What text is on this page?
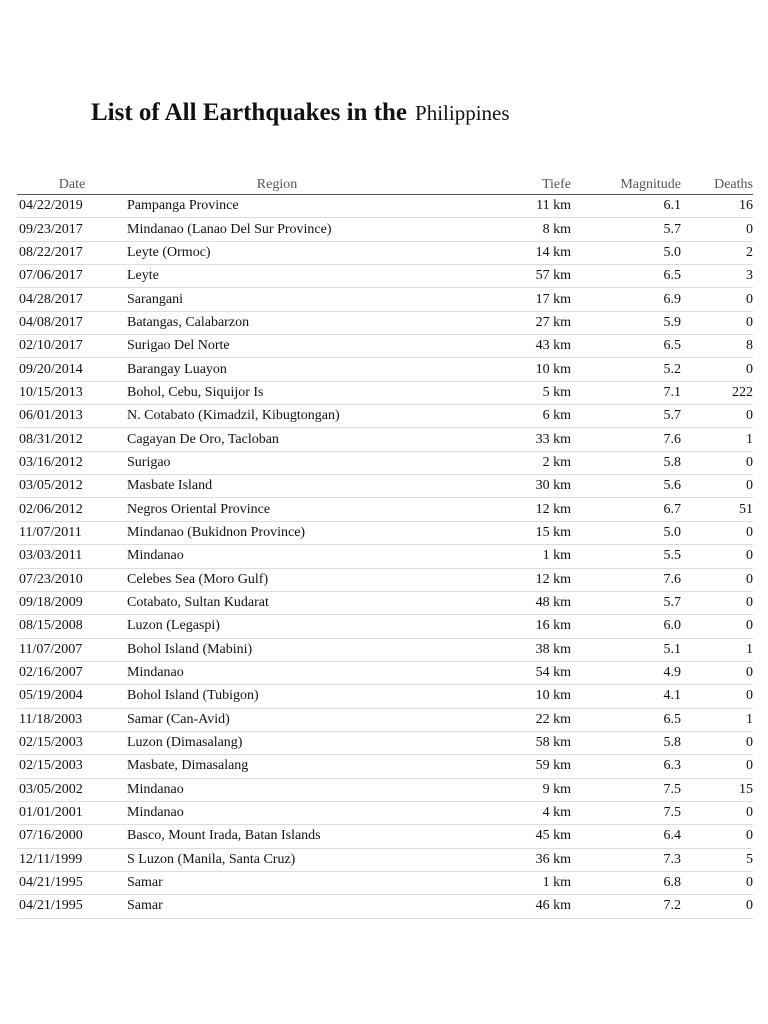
List of All Earthquakes in the Philippines
Date	Region	Tiefe	Magnitude	Deaths
04/22/2019	Pampanga Province	11 km	6.1	16
09/23/2017	Mindanao (Lanao Del Sur Province)	8 km	5.7	0
08/22/2017	Leyte (Ormoc)	14 km	5.0	2
07/06/2017	Leyte	57 km	6.5	3
04/28/2017	Sarangani	17 km	6.9	0
04/08/2017	Batangas, Calabarzon	27 km	5.9	0
02/10/2017	Surigao Del Norte	43 km	6.5	8
09/20/2014	Barangay Luayon	10 km	5.2	0
10/15/2013	Bohol, Cebu, Siquijor Is	5 km	7.1	222
06/01/2013	N. Cotabato (Kimadzil, Kibugtongan)	6 km	5.7	0
08/31/2012	Cagayan De Oro, Tacloban	33 km	7.6	1
03/16/2012	Surigao	2 km	5.8	0
03/05/2012	Masbate Island	30 km	5.6	0
02/06/2012	Negros Oriental Province	12 km	6.7	51
11/07/2011	Mindanao (Bukidnon Province)	15 km	5.0	0
03/03/2011	Mindanao	1 km	5.5	0
07/23/2010	Celebes Sea (Moro Gulf)	12 km	7.6	0
09/18/2009	Cotabato, Sultan Kudarat	48 km	5.7	0
08/15/2008	Luzon (Legaspi)	16 km	6.0	0
11/07/2007	Bohol Island (Mabini)	38 km	5.1	1
02/16/2007	Mindanao	54 km	4.9	0
05/19/2004	Bohol Island (Tubigon)	10 km	4.1	0
11/18/2003	Samar (Can-Avid)	22 km	6.5	1
02/15/2003	Luzon (Dimasalang)	58 km	5.8	0
02/15/2003	Masbate, Dimasalang	59 km	6.3	0
03/05/2002	Mindanao	9 km	7.5	15
01/01/2001	Mindanao	4 km	7.5	0
07/16/2000	Basco, Mount Irada, Batan Islands	45 km	6.4	0
12/11/1999	S Luzon (Manila, Santa Cruz)	36 km	7.3	5
04/21/1995	Samar	1 km	6.8	0
04/21/1995	Samar	46 km	7.2	0
